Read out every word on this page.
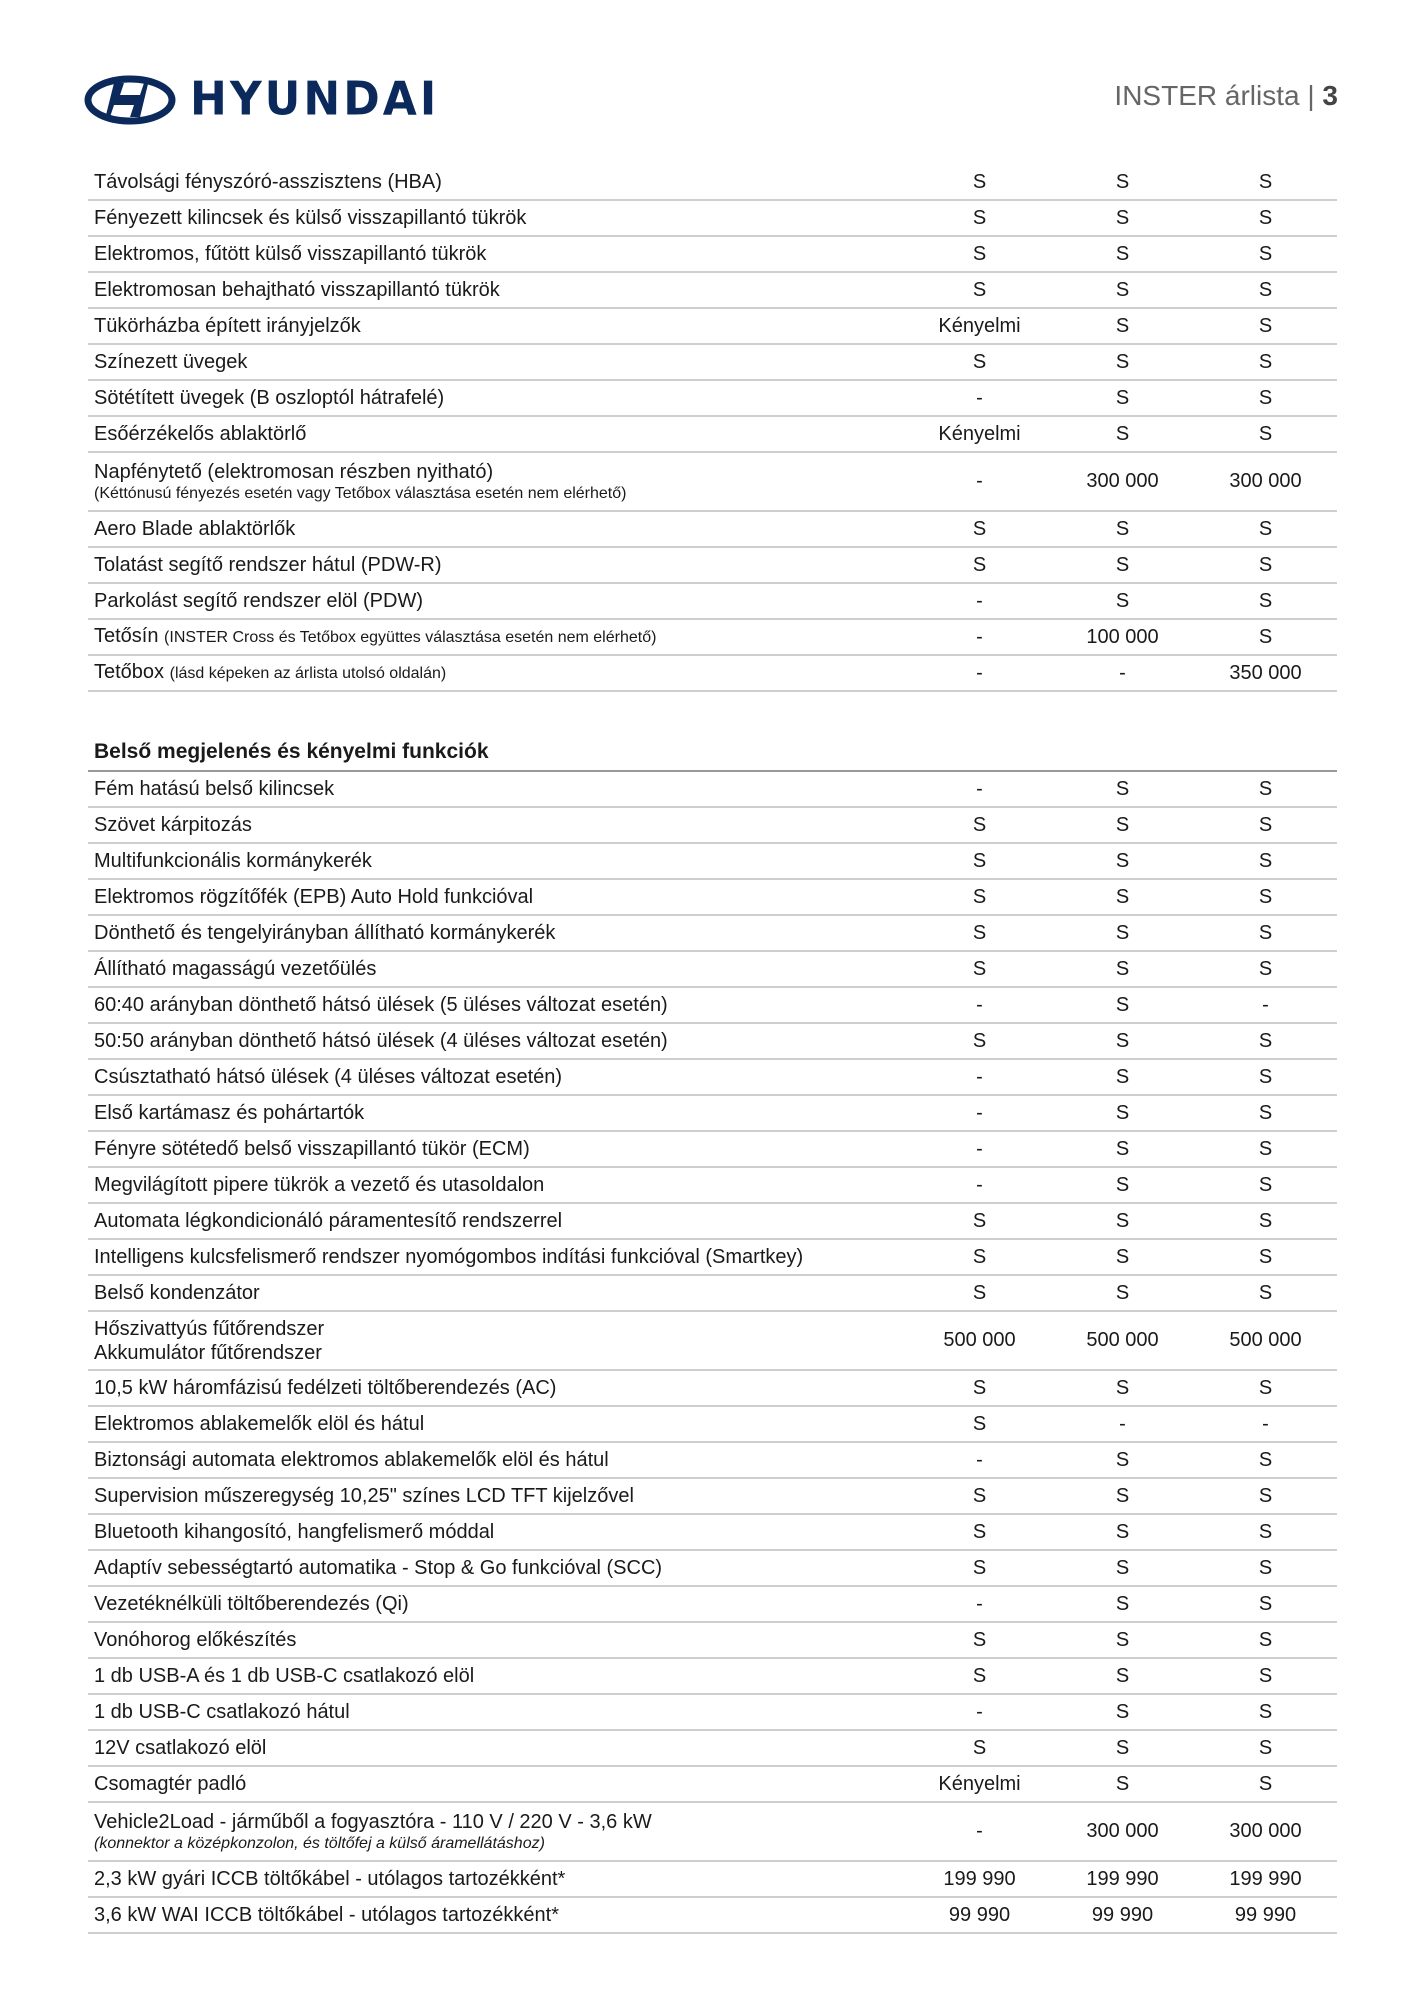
HYUNDAI	INSTER árlista | 3
Távolsági fényszóró-asszisztens (HBA)	S	S	S
Fényezett kilincsek és külső visszapillantó tükrök	S	S	S
Elektromos, fűtött külső visszapillantó tükrök	S	S	S
Elektromosan behajtható visszapillantó tükrök	S	S	S
Tükörházba épített irányjelzők	Kényelmi	S	S
Színezett üvegek	S	S	S
Sötétített üvegek (B oszloptól hátrafelé)	-	S	S
Esőérzékelős ablaktörlő	Kényelmi	S	S
Napfénytető (elektromosan részben nyitható)
(Kéttónusú fényezés esetén vagy Tetőbox választása esetén nem elérhető)
-	300 000	300 000
Aero Blade ablaktörlők	S	S	S
Tolatást segítő rendszer hátul (PDW-R)	S	S	S
Parkolást segítő rendszer elöl (PDW)	-	S	S
Tetősín (INSTER Cross és Tetőbox együttes választása esetén nem elérhető)	-	100 000	S
Tetőbox (lásd képeken az árlista utolsó oldalán)	-	-	350 000
Belső megjelenés és kényelmi funkciók
Fém hatású belső kilincsek	-	S	S
Szövet kárpitozás	S	S	S
Multifunkcionális kormánykerék	S	S	S
Elektromos rögzítőfék (EPB) Auto Hold funkcióval	S	S	S
Dönthető és tengelyirányban állítható kormánykerék	S	S	S
Állítható magasságú vezetőülés	S	S	S
60:40 arányban dönthető hátsó ülések (5 üléses változat esetén)	-	S	-
50:50 arányban dönthető hátsó ülések (4 üléses változat esetén)	S	S	S
Csúsztatható hátsó ülések (4 üléses változat esetén)	-	S	S
Első kartámasz és pohártartók	-	S	S
Fényre sötétedő belső visszapillantó tükör (ECM)	-	S	S
Megvilágított pipere tükrök a vezető és utasoldalon	-	S	S
Automata légkondicionáló páramentesítő rendszerrel	S	S	S
Intelligens kulcsfelismerő rendszer nyomógombos indítási funkcióval (Smartkey)	S	S	S
Belső kondenzátor	S	S	S
Hőszivattyús fűtőrendszer
Akkumulátor fűtőrendszer
500 000	500 000	500 000
10,5 kW háromfázisú fedélzeti töltőberendezés (AC)	S	S	S
Elektromos ablakemelők elöl és hátul	S	-	-
Biztonsági automata elektromos ablakemelők elöl és hátul	-	S	S
Supervision műszeregység 10,25" színes LCD TFT kijelzővel	S	S	S
Bluetooth kihangosító, hangfelismerő móddal	S	S	S
Adaptív sebességtartó automatika - Stop & Go funkcióval (SCC)	S	S	S
Vezetéknélküli töltőberendezés (Qi)	-	S	S
Vonóhorog előkészítés	S	S	S
1 db USB-A és 1 db USB-C csatlakozó elöl	S	S	S
1 db USB-C csatlakozó hátul	-	S	S
12V csatlakozó elöl	S	S	S
Csomagtér padló	Kényelmi	S	S
Vehicle2Load - járműből a fogyasztóra - 110 V / 220 V - 3,6 kW
(konnektor a középkonzolon, és töltőfej a külső áramellátáshoz)
-	300 000	300 000
2,3 kW gyári ICCB töltőkábel - utólagos tartozékként*	199 990	199 990	199 990
3,6 kW WAI ICCB töltőkábel - utólagos tartozékként*	99 990	99 990	99 990
